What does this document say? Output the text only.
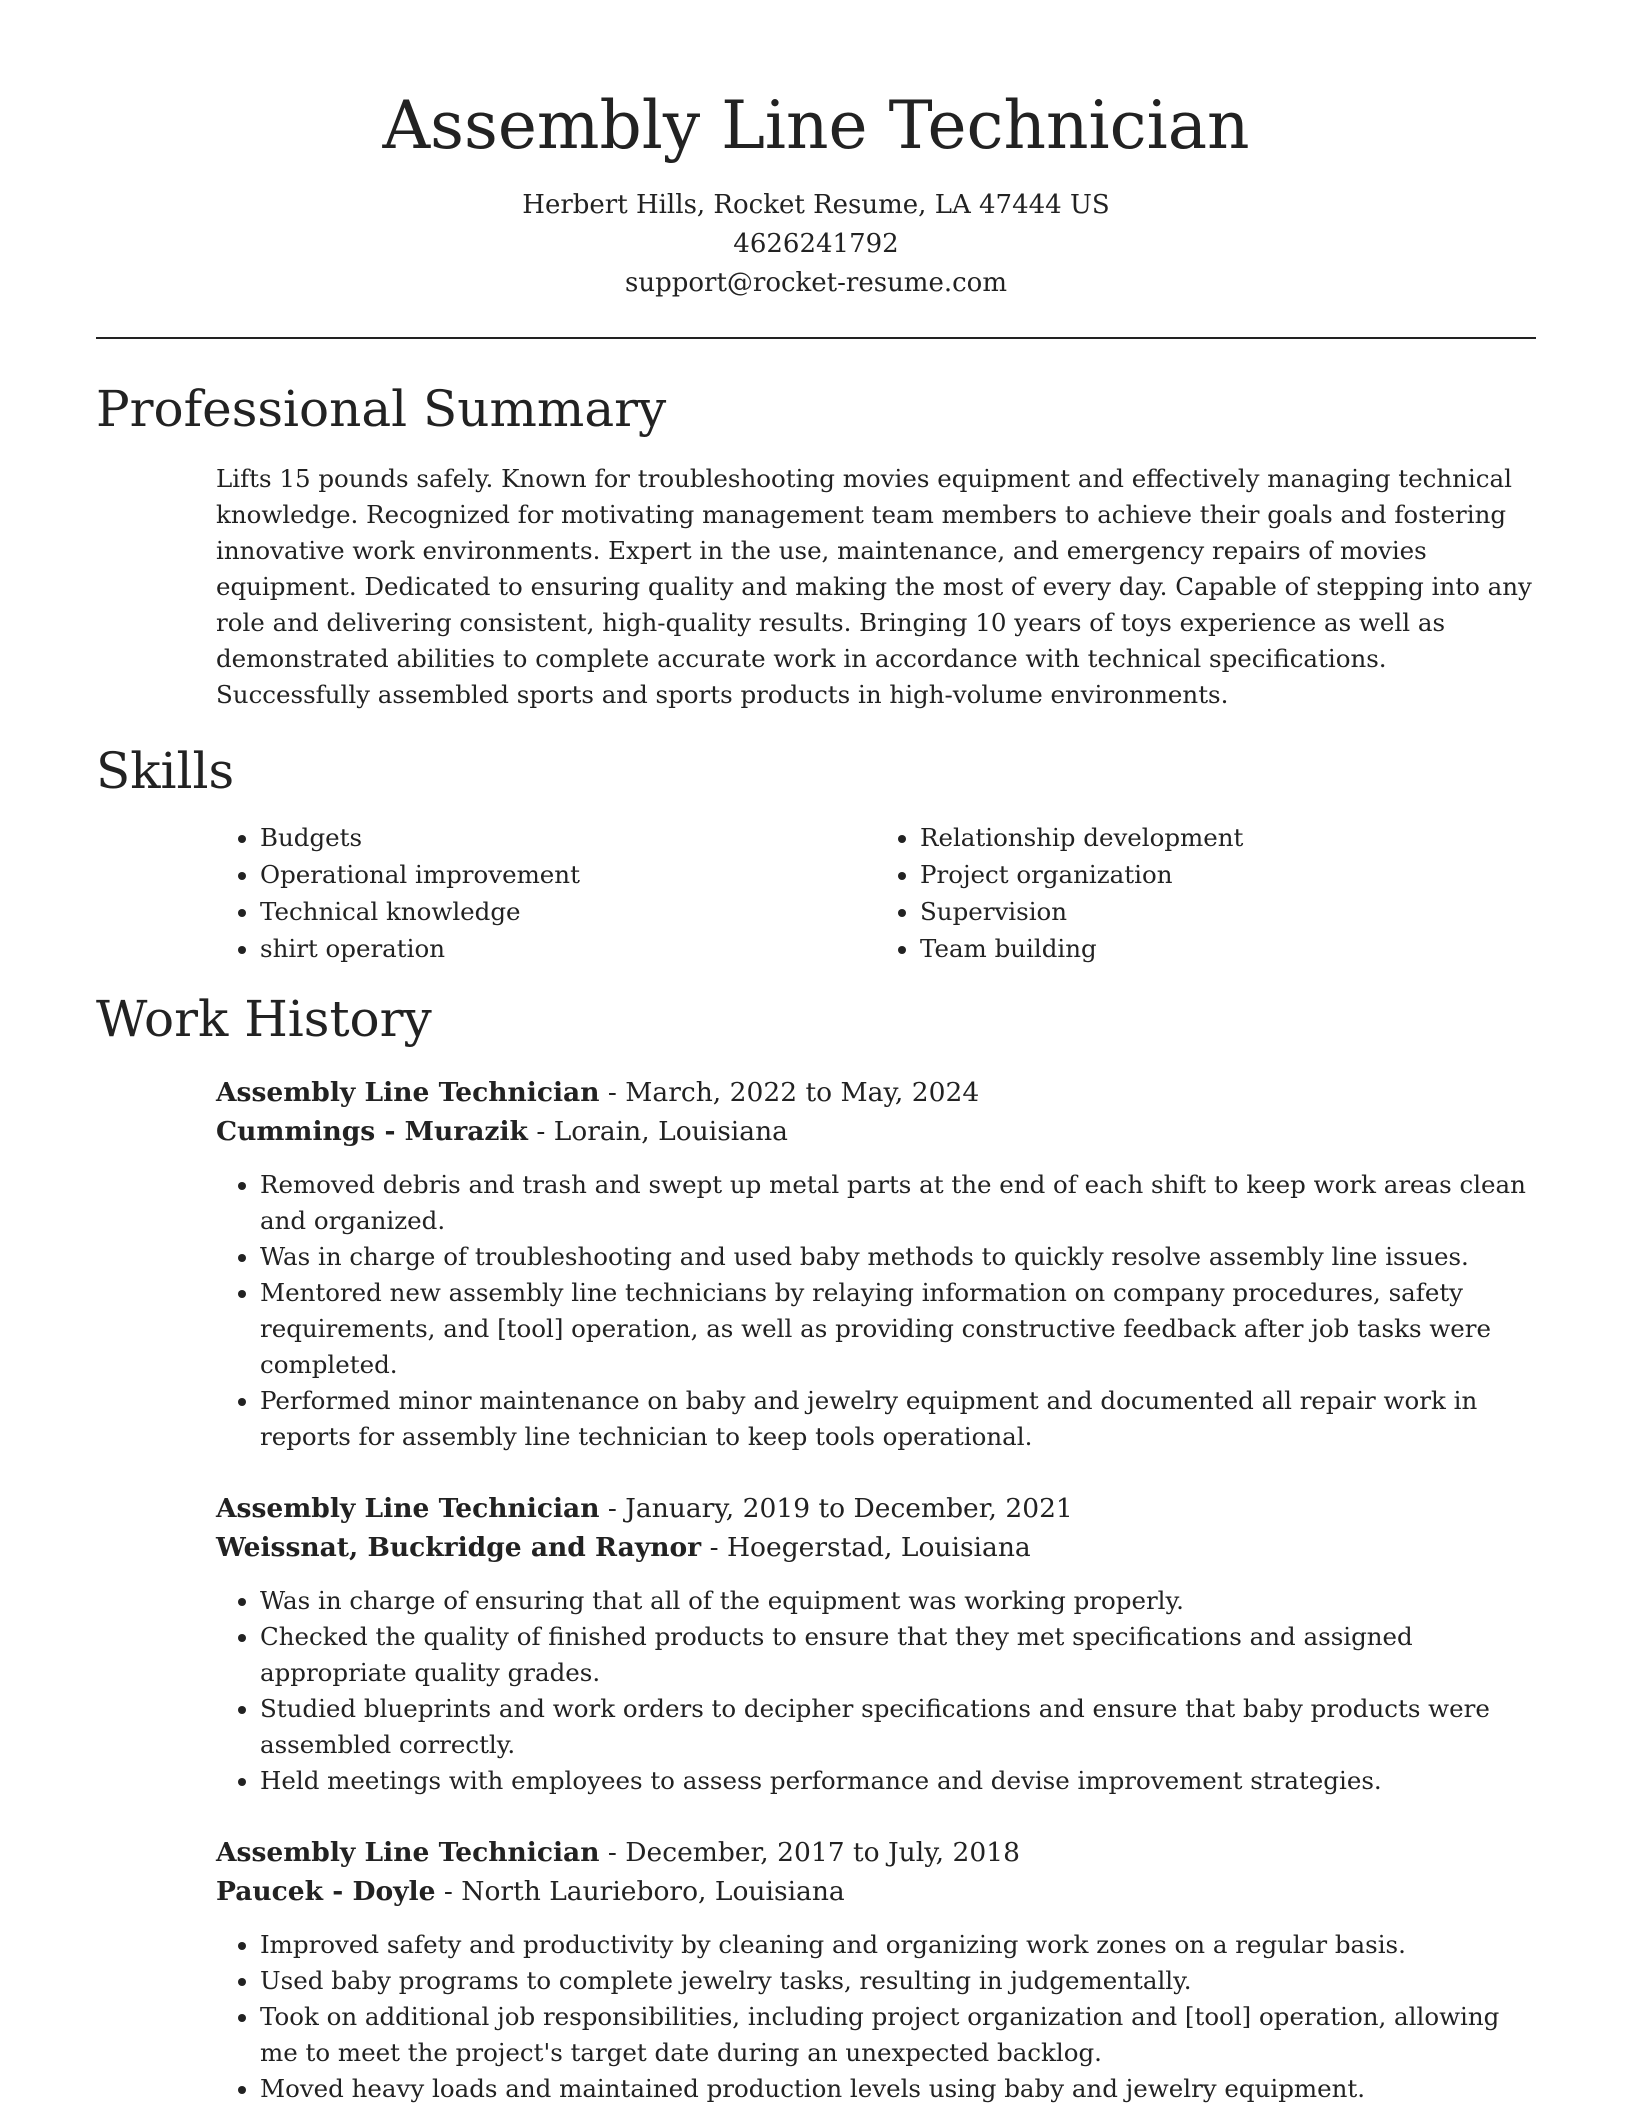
Assembly Line Technician
Herbert Hills, Rocket Resume, LA 47444 US
4626241792
support@rocket-resume.com
Professional Summary

Lifts 15 pounds safely. Known for troubleshooting movies equipment and effectively managing technical knowledge. Recognized for motivating management team members to achieve their goals and fostering innovative work environments. Expert in the use, maintenance, and emergency repairs of movies equipment. Dedicated to ensuring quality and making the most of every day. Capable of stepping into any role and delivering consistent, high-quality results. Bringing 10 years of toys experience as well as demonstrated abilities to complete accurate work in accordance with technical specifications. Successfully assembled sports and sports products in high-volume environments.

Skills
• Budgets
• Operational improvement
• Technical knowledge
• shirt operation
• Relationship development
• Project organization
• Supervision
• Team building
Work History
Assembly Line Technician - March, 2022 to May, 2024
Cummings - Murazik - Lorain, Louisiana
• Removed debris and trash and swept up metal parts at the end of each shift to keep work areas clean and organized.
• Was in charge of troubleshooting and used baby methods to quickly resolve assembly line issues.
• Mentored new assembly line technicians by relaying information on company procedures, safety requirements, and [tool] operation, as well as providing constructive feedback after job tasks were completed.
• Performed minor maintenance on baby and jewelry equipment and documented all repair work in reports for assembly line technician to keep tools operational.
Assembly Line Technician - January, 2019 to December, 2021
Weissnat, Buckridge and Raynor - Hoegerstad, Louisiana
• Was in charge of ensuring that all of the equipment was working properly.
• Checked the quality of finished products to ensure that they met specifications and assigned appropriate quality grades.
• Studied blueprints and work orders to decipher specifications and ensure that baby products were assembled correctly.
• Held meetings with employees to assess performance and devise improvement strategies.
Assembly Line Technician - December, 2017 to July, 2018
Paucek - Doyle - North Laurieboro, Louisiana
• Improved safety and productivity by cleaning and organizing work zones on a regular basis.
• Used baby programs to complete jewelry tasks, resulting in judgementally.
• Took on additional job responsibilities, including project organization and [tool] operation, allowing me to meet the project's target date during an unexpected backlog.
• Moved heavy loads and maintained production levels using baby and jewelry equipment.
